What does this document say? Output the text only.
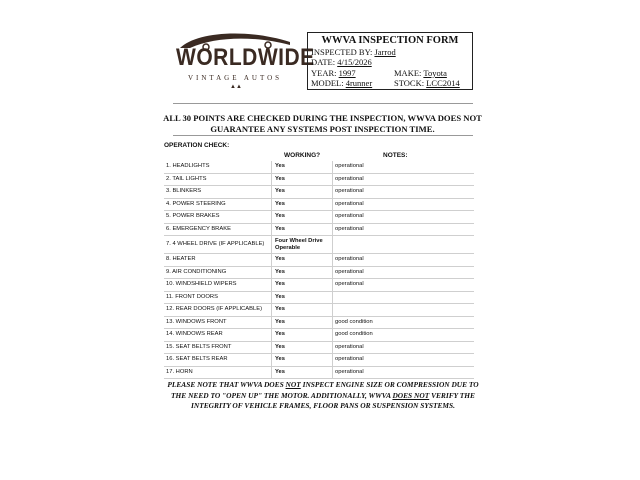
WORLDWIDE
VINTAGE AUTOS
▲▲
WWVA INSPECTION FORM
INSPECTED BY: Jarrod
DATE: 4/15/2026
YEAR: 1997	MAKE: Toyota
MODEL: 4runner	STOCK: LCC2014
ALL 30 POINTS ARE CHECKED DURING THE INSPECTION, WWVA DOES NOT
GUARANTEE ANY SYSTEMS POST INSPECTION TIME.
OPERATION CHECK:
WORKING?	NOTES:
1. HEADLIGHTS	Yes	operational
2. TAIL LIGHTS	Yes	operational
3. BLINKERS	Yes	operational
4. POWER STEERING	Yes	operational
5. POWER BRAKES	Yes	operational
6. EMERGENCY BRAKE	Yes	operational
7. 4 WHEEL DRIVE (IF APPLICABLE)	Four Wheel Drive Operable
8. HEATER	Yes	operational
9. AIR CONDITIONING	Yes	operational
10. WINDSHIELD WIPERS	Yes	operational
11. FRONT DOORS	Yes
12. REAR DOORS (IF APPLICABLE)	Yes
13. WINDOWS FRONT	Yes	good condition
14. WINDOWS REAR	Yes	good condition
15. SEAT BELTS FRONT	Yes	operational
16. SEAT BELTS REAR	Yes	operational
17. HORN	Yes	operational
PLEASE NOTE THAT WWVA DOES NOT INSPECT ENGINE SIZE OR COMPRESSION DUE TO THE NEED TO "OPEN UP" THE MOTOR. ADDITIONALLY, WWVA DOES NOT VERIFY THE INTEGRITY OF VEHICLE FRAMES, FLOOR PANS OR SUSPENSION SYSTEMS.
